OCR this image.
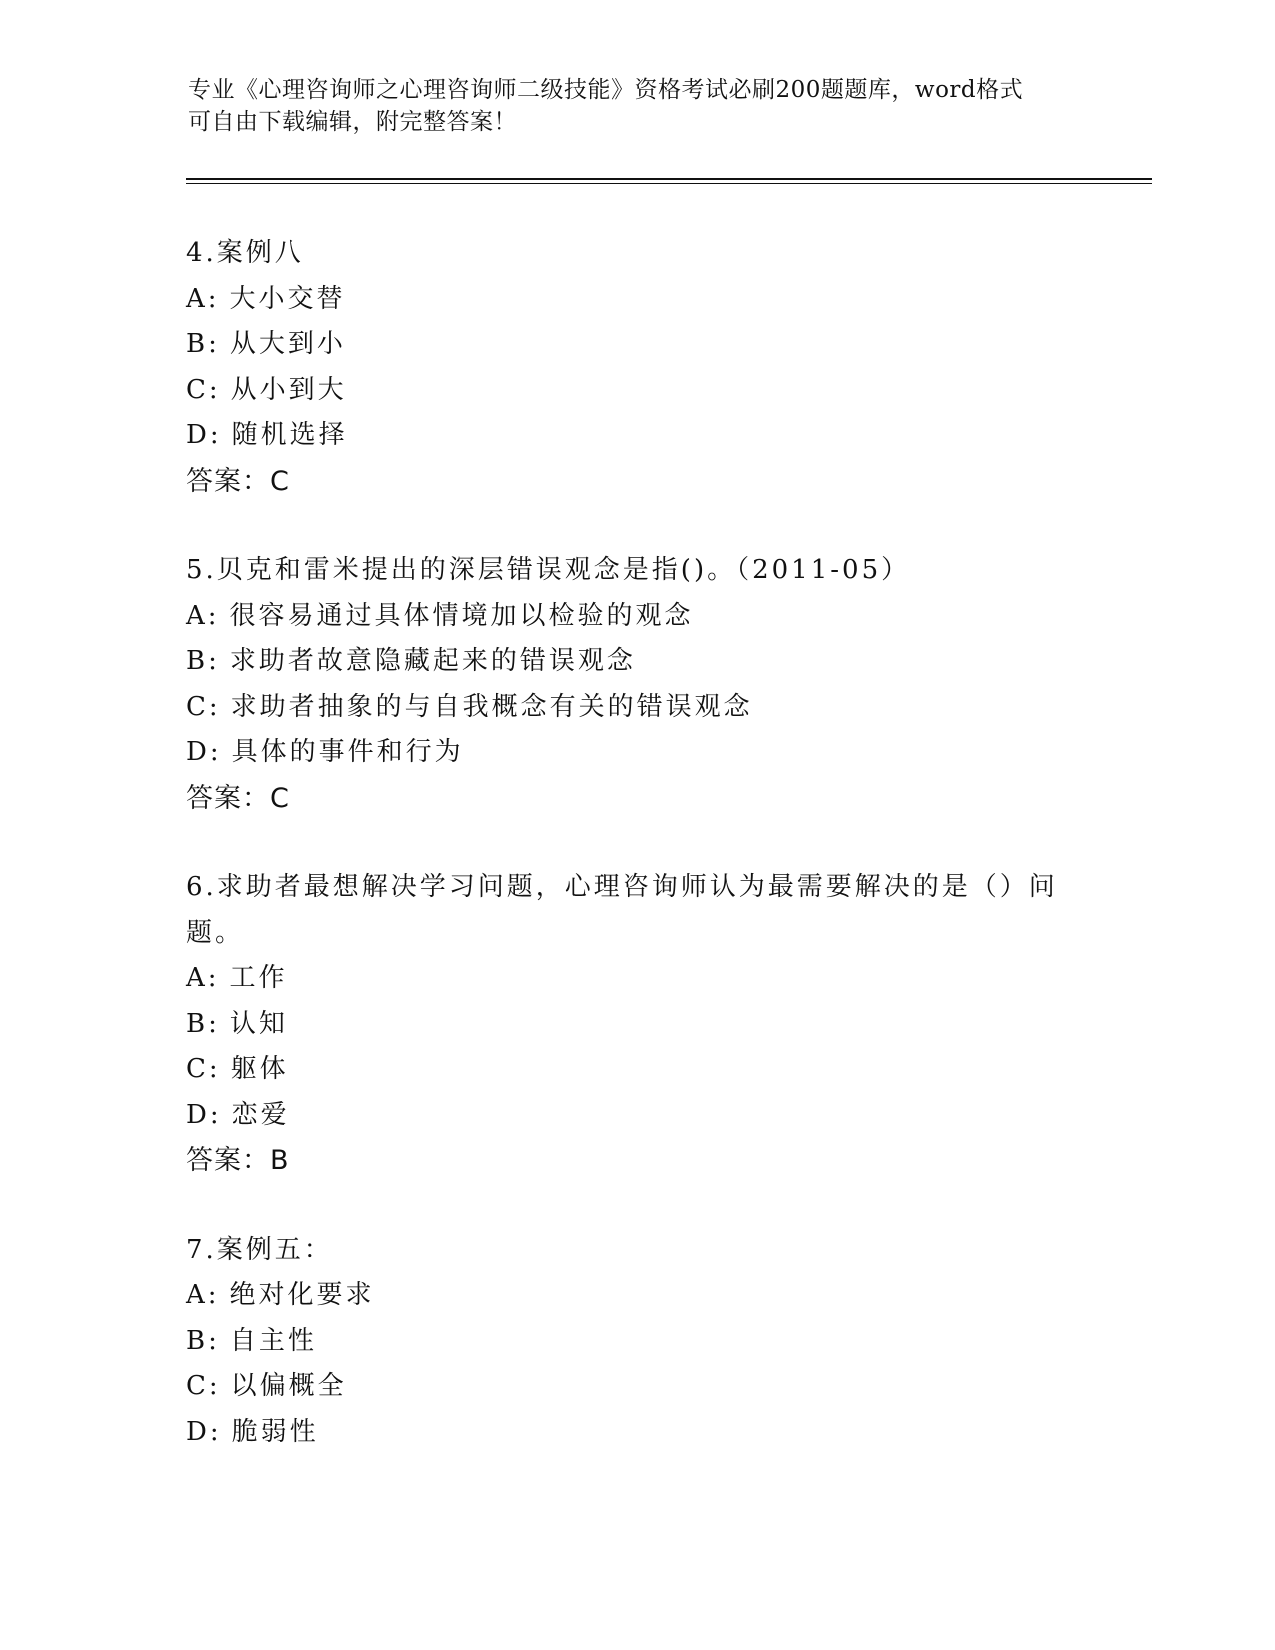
专业《心理咨询师之心理咨询师二级技能》资格考试必刷200题题库，word格式
可自由下载编辑，附完整答案！
4.案例八
A: 大小交替
B: 从大到小
C: 从小到大
D: 随机选择
答案：C
5.贝克和雷米提出的深层错误观念是指()。（2011-05）
A: 很容易通过具体情境加以检验的观念
B: 求助者故意隐藏起来的错误观念
C: 求助者抽象的与自我概念有关的错误观念
D: 具体的事件和行为
答案：C
6.求助者最想解决学习问题，心理咨询师认为最需要解决的是（）问题。
A: 工作
B: 认知
C: 躯体
D: 恋爱
答案：B
7.案例五：
A: 绝对化要求
B: 自主性
C: 以偏概全
D: 脆弱性
